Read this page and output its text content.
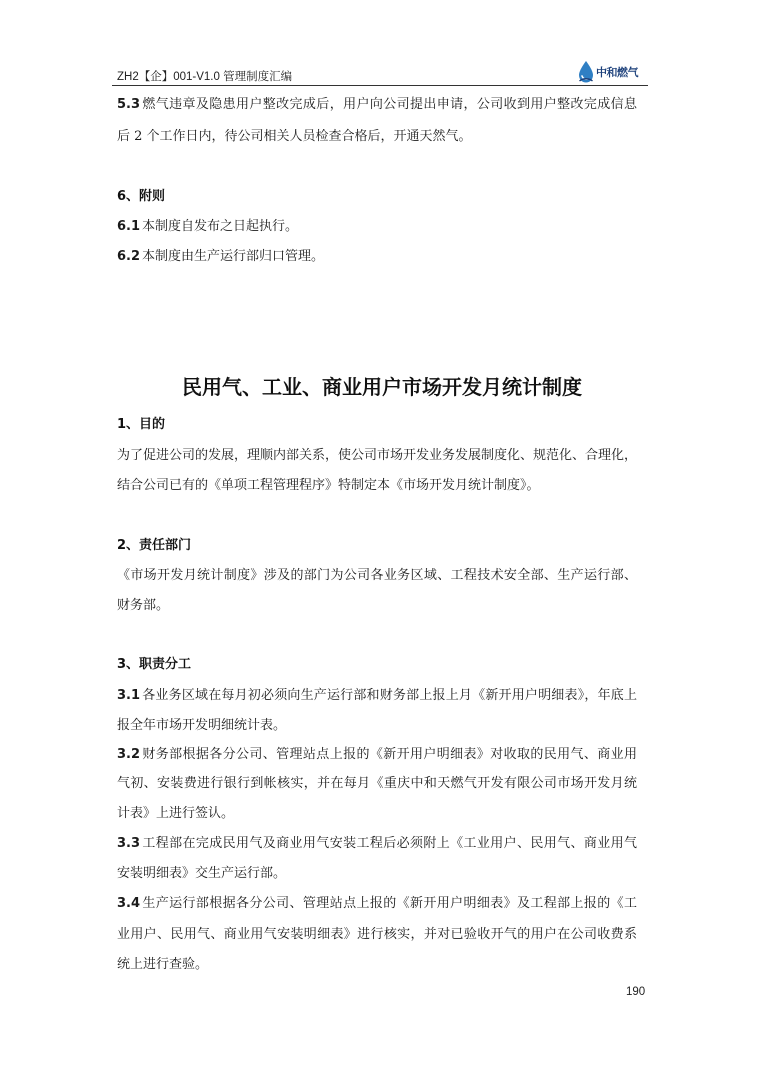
ZH2【企】001-V1.0 管理制度汇编	中和燃气
5.3 燃气违章及隐患用户整改完成后，用户向公司提出申请，公司收到用户整改完成信息
后 2 个工作日内，待公司相关人员检查合格后，开通天然气。
6、附则
6.1 本制度自发布之日起执行。
6.2 本制度由生产运行部归口管理。
民用气、工业、商业用户市场开发月统计制度
1、目的
为了促进公司的发展，理顺内部关系，使公司市场开发业务发展制度化、规范化、合理化，
结合公司已有的《单项工程管理程序》特制定本《市场开发月统计制度》。
2、责任部门
《市场开发月统计制度》涉及的部门为公司各业务区域、工程技术安全部、生产运行部、
财务部。
3、职责分工
3.1 各业务区域在每月初必须向生产运行部和财务部上报上月《新开用户明细表》，年底上
报全年市场开发明细统计表。
3.2 财务部根据各分公司、管理站点上报的《新开用户明细表》对收取的民用气、商业用
气初、安装费进行银行到帐核实，并在每月《重庆中和天燃气开发有限公司市场开发月统
计表》上进行签认。
3.3 工程部在完成民用气及商业用气安装工程后必须附上《工业用户、民用气、商业用气
安装明细表》交生产运行部。
3.4 生产运行部根据各分公司、管理站点上报的《新开用户明细表》及工程部上报的《工
业用户、民用气、商业用气安装明细表》进行核实，并对已验收开气的用户在公司收费系
统上进行查验。
190
